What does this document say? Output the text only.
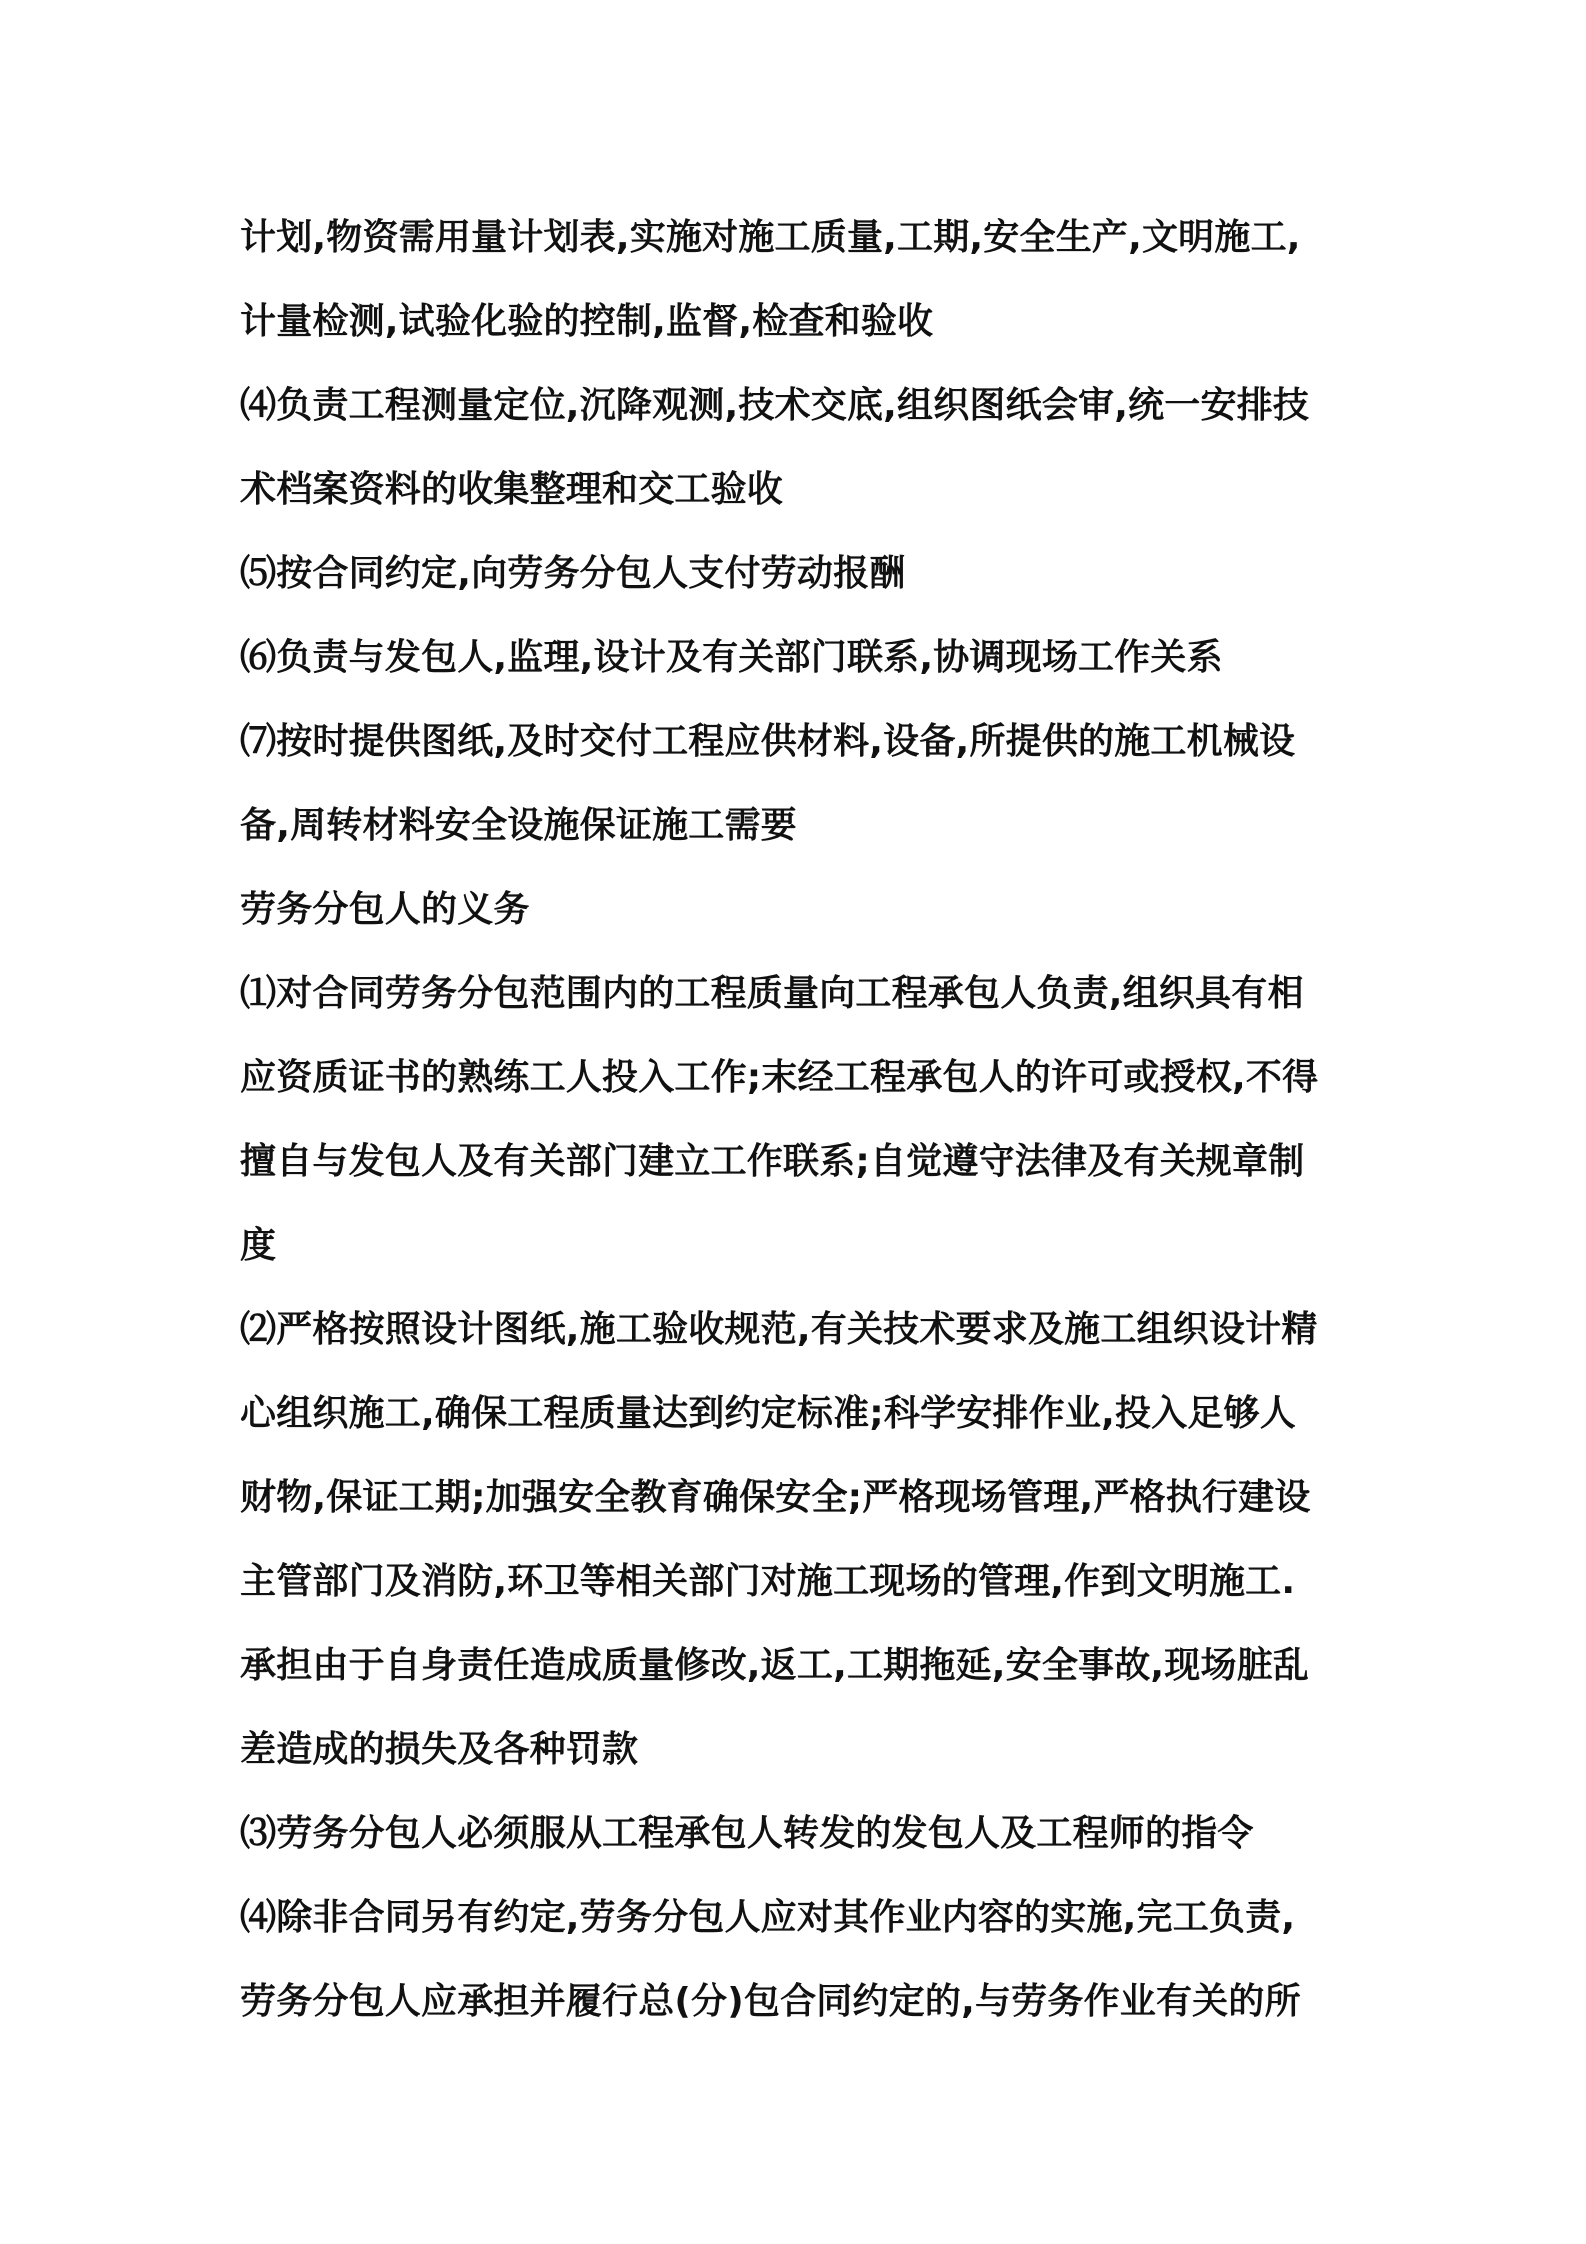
计划,物资需用量计划表,实施对施工质量,工期,安全生产,文明施工,
计量检测,试验化验的控制,监督,检查和验收
⑷负责工程测量定位,沉降观测,技术交底,组织图纸会审,统一安排技
术档案资料的收集整理和交工验收
⑸按合同约定,向劳务分包人支付劳动报酬
⑹负责与发包人,监理,设计及有关部门联系,协调现场工作关系
⑺按时提供图纸,及时交付工程应供材料,设备,所提供的施工机械设
备,周转材料安全设施保证施工需要
劳务分包人的义务
⑴对合同劳务分包范围内的工程质量向工程承包人负责,组织具有相
应资质证书的熟练工人投入工作;末经工程承包人的许可或授权,不得
擅自与发包人及有关部门建立工作联系;自觉遵守法律及有关规章制
度
⑵严格按照设计图纸,施工验收规范,有关技术要求及施工组织设计精
心组织施工,确保工程质量达到约定标准;科学安排作业,投入足够人
财物,保证工期;加强安全教育确保安全;严格现场管理,严格执行建设
主管部门及消防,环卫等相关部门对施工现场的管理,作到文明施工.
承担由于自身责任造成质量修改,返工,工期拖延,安全事故,现场脏乱
差造成的损失及各种罚款
⑶劳务分包人必须服从工程承包人转发的发包人及工程师的指令
⑷除非合同另有约定,劳务分包人应对其作业内容的实施,完工负责,
劳务分包人应承担并履行总(分)包合同约定的,与劳务作业有关的所
